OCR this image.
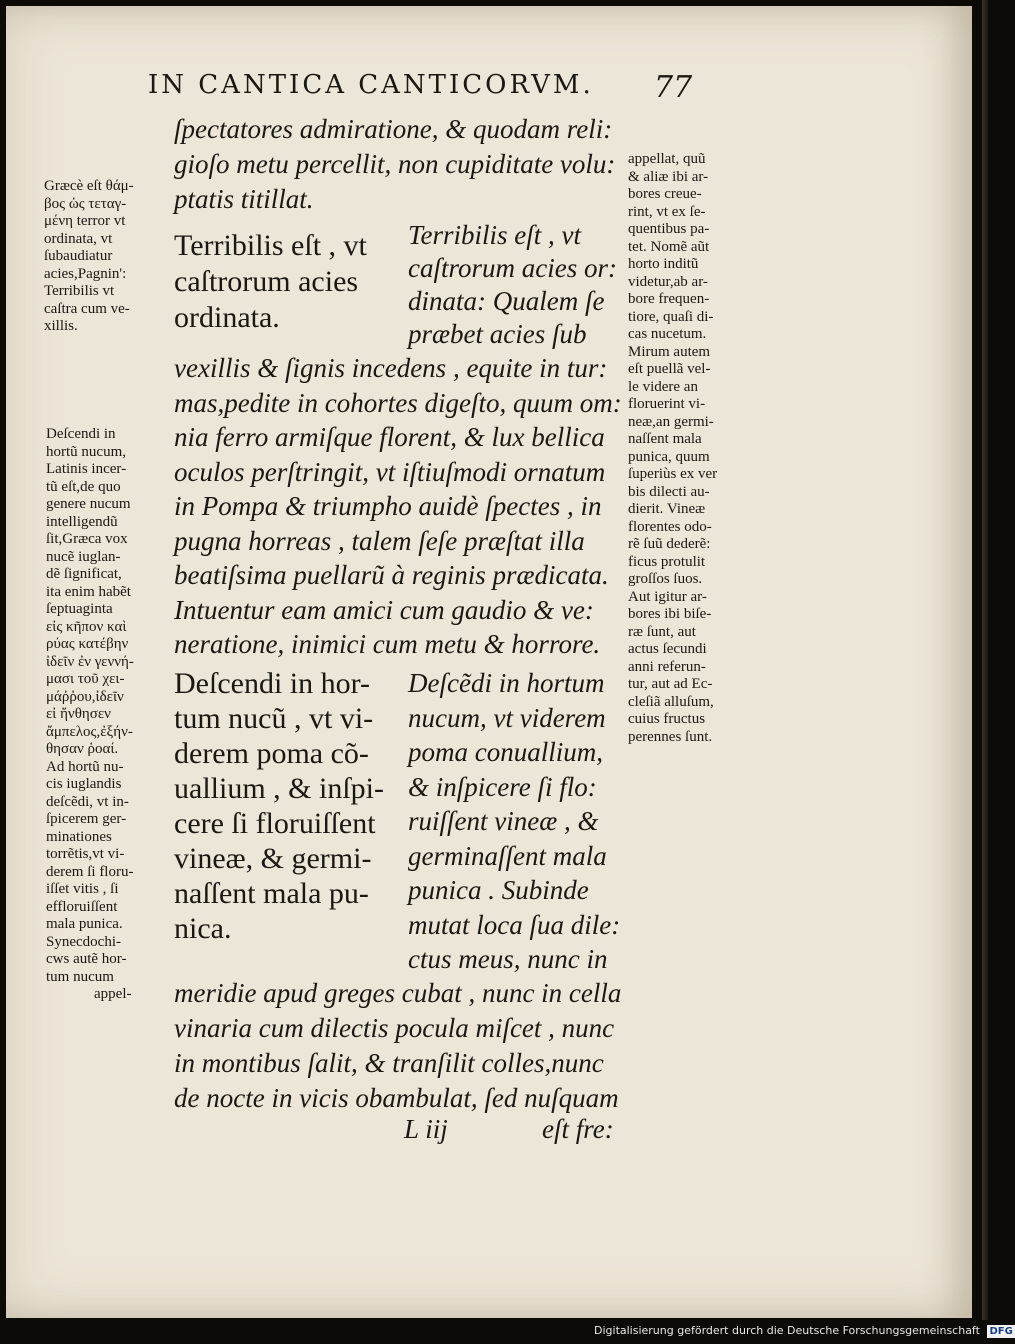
IN CANTICA CANTICORVM. 77
ſpectatores admiratione, & quodam reli:
gioſo metu percellit, non cupiditate volu:
ptatis titillat.
Terribilis eſt , vt
caſtrorum acies
ordinata.
Terribilis eſt , vt
caſtrorum acies or:
dinata: Qualem ſe
præbet acies ſub
vexillis & ſignis incedens , equite in tur:
mas,pedite in cohortes digeſto, quum om:
nia ferro armiſque florent, & lux bellica
oculos perſtringit, vt iſtiuſmodi ornatum
in Pompa & triumpho auidè ſpectes , in
pugna horreas , talem ſeſe præſtat illa
beatiſsima puellarũ à reginis prædicata.
Intuentur eam amici cum gaudio & ve:
neratione, inimici cum metu & horrore.
Deſcendi in hor-
tum nucũ , vt vi-
derem poma cõ-
uallium , & inſpi-
cere ſi floruiſſent
vineæ, & germi-
naſſent mala pu-
nica.
Deſcẽdi in hortum
nucum, vt viderem
poma conuallium,
& inſpicere ſi flo:
ruiſſent vineæ , &
germinaſſent mala
punica . Subinde
mutat loca ſua dile:
ctus meus, nunc in
meridie apud greges cubat , nunc in cella
vinaria cum dilectis pocula miſcet , nunc
in montibus ſalit, & tranſilit colles,nunc
de nocte in vicis obambulat, ſed nuſquam
L iij	eſt fre:
Græcè eſt θάμ-
βος ὡς τεταγ-
μένη terror vt
ordinata, vt
ſubaudiatur
acies,Pagnin':
Terribilis vt
caſtra cum ve-
xillis.
Deſcendi in
hortũ nucum,
Latinis incer-
tũ eſt,de quo
genere nucum
intelligendũ
ſit,Græca vox
nucẽ iuglan-
dẽ ſignificat,
ita enim habẽt
ſeptuaginta
εἰς κῆπον καὶ
ρύας κατέβην
ἰδεῖν ἐν γεννή-
μασι τοῦ χει-
μάῤῥου,ἰδεῖν
εἰ ἤνθησεν
ἄμπελος,ἐξήν-
θησαν ῥοαί.
Ad hortũ nu-
cis iuglandis
deſcẽdi, vt in-
ſpicerem ger-
minationes
torrẽtis,vt vi-
derem ſi floru-
iſſet vitis , ſi
effloruiſſent
mala punica.
Synecdochi-
cws autẽ hor-
tum nucum
appel-
appellat, quũ
& aliæ ibi ar-
bores creue-
rint, vt ex ſe-
quentibus pa-
tet. Nomẽ aũt
horto inditũ
videtur,ab ar-
bore frequen-
tiore, quaſi di-
cas nucetum.
Mirum autem
eſt puellã vel-
le videre an
floruerint vi-
neæ,an germi-
naſſent mala
punica, quum
ſuperiùs ex ver
bis dilecti au-
dierit. Vineæ
florentes odo-
rẽ ſuũ dederẽ:
ficus protulit
groſſos ſuos.
Aut igitur ar-
bores ibi biſe-
ræ ſunt, aut
actus ſecundi
anni referun-
tur, aut ad Ec-
cleſiã alluſum,
cuius fructus
perennes ſunt.
Digitalisierung gefördert durch die Deutsche Forschungsgemeinschaft DFG
